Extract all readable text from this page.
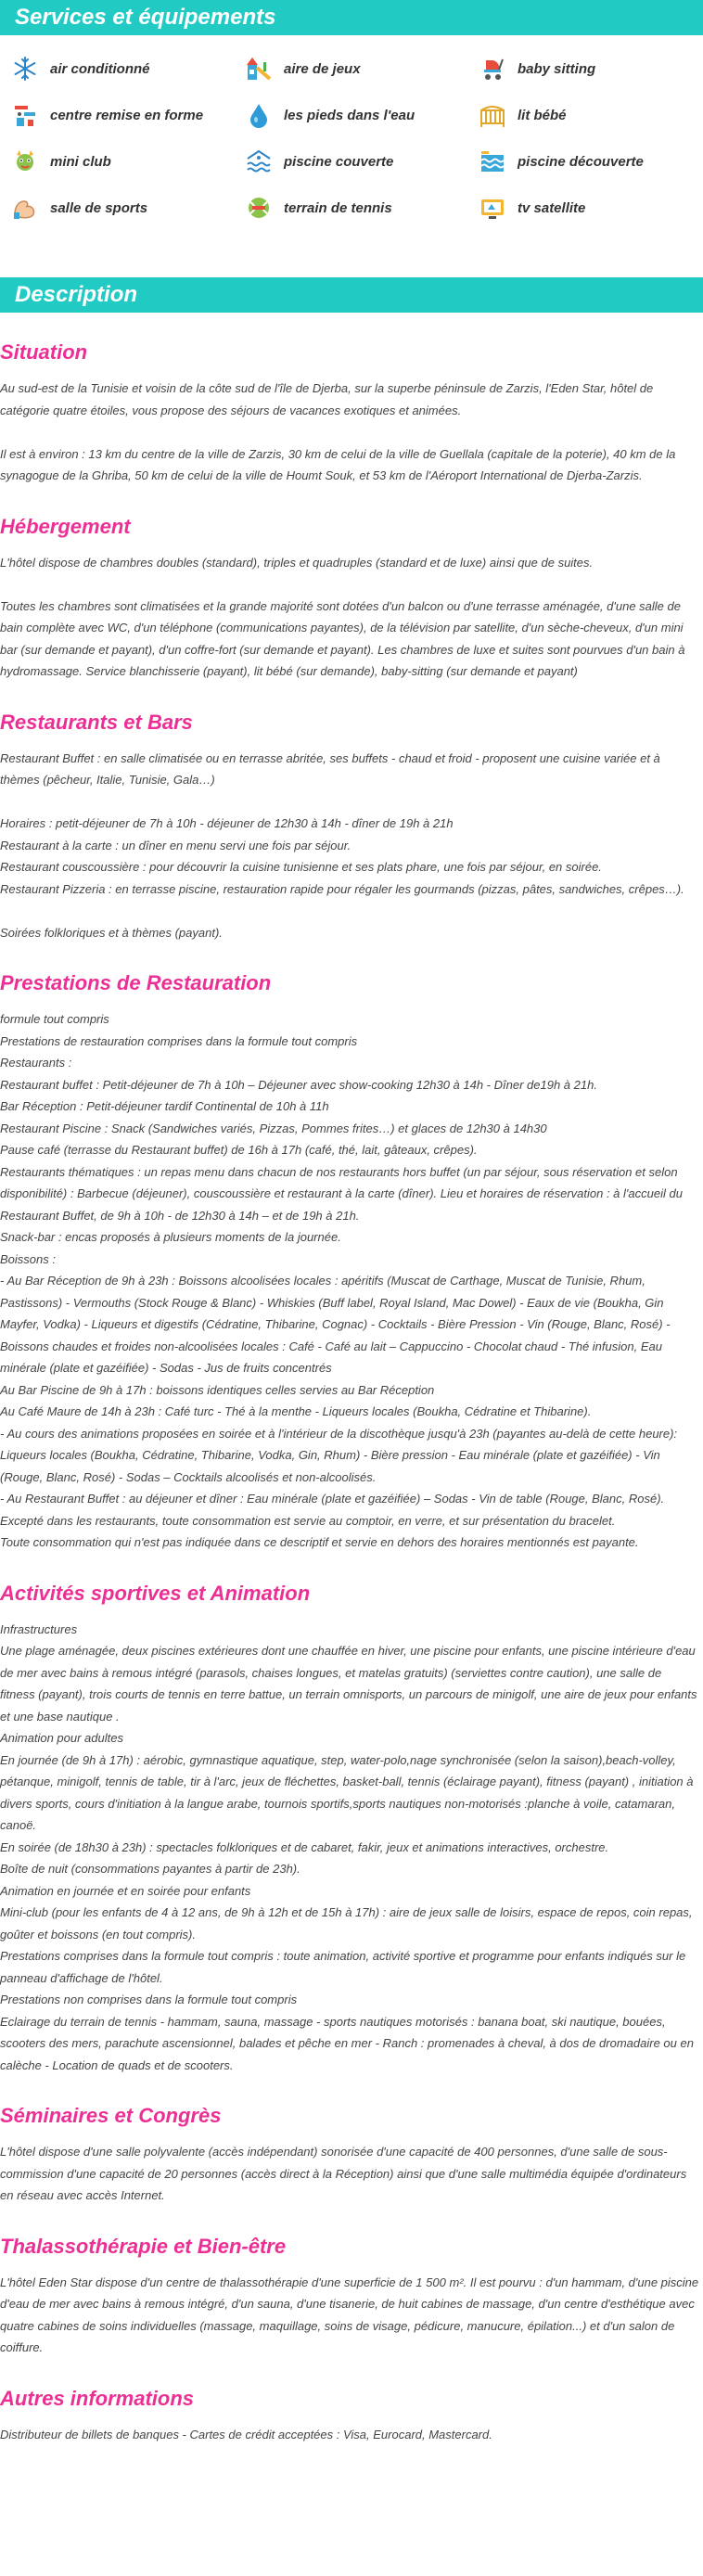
Services et équipements
air conditionné	aire de jeux	baby sitting
centre remise en forme	les pieds dans l'eau	lit bébé
mini club	piscine couverte	piscine découverte
salle de sports	terrain de tennis	tv satellite
Description
Situation

Au sud-est de la Tunisie et voisin de la côte sud de l'île de Djerba, sur la superbe péninsule de Zarzis, l'Eden Star, hôtel de catégorie quatre étoiles, vous propose des séjours de vacances exotiques et animées.

Il est à environ : 13 km du centre de la ville de Zarzis, 30 km de celui de la ville de Guellala (capitale de la poterie), 40 km de la synagogue de la Ghriba, 50 km de celui de la ville de Houmt Souk, et 53 km de l'Aéroport International de Djerba-Zarzis.

Hébergement

L'hôtel dispose de chambres doubles (standard), triples et quadruples (standard et de luxe) ainsi que de suites.

Toutes les chambres sont climatisées et la grande majorité sont dotées d'un balcon ou d'une terrasse aménagée, d'une salle de bain complète avec WC, d'un téléphone (communications payantes), de la télévision par satellite, d'un sèche-cheveux, d'un mini bar (sur demande et payant), d'un coffre-fort (sur demande et payant). Les chambres de luxe et suites sont pourvues d'un bain à hydromassage. Service blanchisserie (payant), lit bébé (sur demande), baby-sitting (sur demande et payant)

Restaurants et Bars

Restaurant Buffet : en salle climatisée ou en terrasse abritée, ses buffets - chaud et froid - proposent une cuisine variée et à thèmes (pêcheur, Italie, Tunisie, Gala…)

Horaires : petit-déjeuner de 7h à 10h - déjeuner de 12h30 à 14h - dîner de 19h à 21h

Restaurant à la carte : un dîner en menu servi une fois par séjour.

Restaurant couscoussière : pour découvrir la cuisine tunisienne et ses plats phare, une fois par séjour, en soirée.

Restaurant Pizzeria : en terrasse piscine, restauration rapide pour régaler les gourmands (pizzas, pâtes, sandwiches, crêpes…).

Soirées folkloriques et à thèmes (payant).

Prestations de Restauration

formule tout compris

Prestations de restauration comprises dans la formule tout compris

Restaurants :

Restaurant buffet : Petit-déjeuner de 7h à 10h – Déjeuner avec show-cooking 12h30 à 14h - Dîner de19h à 21h.

Bar Réception : Petit-déjeuner tardif Continental de 10h à 11h

Restaurant Piscine : Snack (Sandwiches variés, Pizzas, Pommes frites…) et glaces de 12h30 à 14h30

Pause café (terrasse du Restaurant buffet) de 16h à 17h (café, thé, lait, gâteaux, crêpes).

Restaurants thématiques : un repas menu dans chacun de nos restaurants hors buffet (un par séjour, sous réservation et selon disponibilité) : Barbecue (déjeuner), couscoussière et restaurant à la carte (dîner). Lieu et horaires de réservation : à l'accueil du Restaurant Buffet, de 9h à 10h - de 12h30 à 14h – et de 19h à 21h.

Snack-bar : encas proposés à plusieurs moments de la journée.

Boissons :

- Au Bar Réception de 9h à 23h : Boissons alcoolisées locales : apéritifs (Muscat de Carthage, Muscat de Tunisie, Rhum, Pastissons) - Vermouths (Stock Rouge & Blanc) - Whiskies (Buff label, Royal Island, Mac Dowel) - Eaux de vie (Boukha, Gin Mayfer, Vodka) - Liqueurs et digestifs (Cédratine, Thibarine, Cognac) - Cocktails - Bière Pression - Vin (Rouge, Blanc, Rosé) - Boissons chaudes et froides non-alcoolisées locales : Café - Café au lait – Cappuccino - Chocolat chaud - Thé infusion, Eau minérale (plate et gazéifiée) - Sodas - Jus de fruits concentrés

Au Bar Piscine de 9h à 17h : boissons identiques celles servies au Bar Réception

Au Café Maure de 14h à 23h : Café turc - Thé à la menthe - Liqueurs locales (Boukha, Cédratine et Thibarine).

- Au cours des animations proposées en soirée et à l'intérieur de la discothèque jusqu'à 23h (payantes au-delà de cette heure): Liqueurs locales (Boukha, Cédratine, Thibarine, Vodka, Gin, Rhum) - Bière pression - Eau minérale (plate et gazéifiée) - Vin (Rouge, Blanc, Rosé) - Sodas – Cocktails alcoolisés et non-alcoolisés.

- Au Restaurant Buffet : au déjeuner et dîner : Eau minérale (plate et gazéifiée) – Sodas - Vin de table (Rouge, Blanc, Rosé).

Excepté dans les restaurants, toute consommation est servie au comptoir, en verre, et sur présentation du bracelet.

Toute consommation qui n'est pas indiquée dans ce descriptif et servie en dehors des horaires mentionnés est payante.

Activités sportives et Animation

Infrastructures

Une plage aménagée, deux piscines extérieures dont une chauffée en hiver, une piscine pour enfants, une piscine intérieure d'eau de mer avec bains à remous intégré (parasols, chaises longues, et matelas gratuits) (serviettes contre caution), une salle de fitness (payant), trois courts de tennis en terre battue, un terrain omnisports, un parcours de minigolf, une aire de jeux pour enfants et une base nautique .

Animation pour adultes

En journée (de 9h à 17h) : aérobic, gymnastique aquatique, step, water-polo,nage synchronisée (selon la saison),beach-volley, pétanque, minigolf, tennis de table, tir à l'arc, jeux de fléchettes, basket-ball, tennis (éclairage payant), fitness (payant) , initiation à divers sports, cours d'initiation à la langue arabe, tournois sportifs,sports nautiques non-motorisés :planche à voile, catamaran, canoë.

En soirée (de 18h30 à 23h) : spectacles folkloriques et de cabaret, fakir, jeux et animations interactives, orchestre.

Boîte de nuit (consommations payantes à partir de 23h).

Animation en journée et en soirée pour enfants

Mini-club (pour les enfants de 4 à 12 ans, de 9h à 12h et de 15h à 17h) : aire de jeux salle de loisirs, espace de repos, coin repas, goûter et boissons (en tout compris).

Prestations comprises dans la formule tout compris : toute animation, activité sportive et programme pour enfants indiqués sur le panneau d'affichage de l'hôtel.

Prestations non comprises dans la formule tout compris

Eclairage du terrain de tennis - hammam, sauna, massage - sports nautiques motorisés : banana boat, ski nautique, bouées, scooters des mers, parachute ascensionnel, balades et pêche en mer - Ranch : promenades à cheval, à dos de dromadaire ou en calèche - Location de quads et de scooters.

Séminaires et Congrès

L'hôtel dispose d'une salle polyvalente (accès indépendant) sonorisée d'une capacité de 400 personnes, d'une salle de sous-commission d'une capacité de 20 personnes (accès direct à la Réception) ainsi que d'une salle multimédia équipée d'ordinateurs en réseau avec accès Internet.

Thalassothérapie et Bien-être

L'hôtel Eden Star dispose d'un centre de thalassothérapie d'une superficie de 1 500 m². Il est pourvu : d'un hammam, d'une piscine d'eau de mer avec bains à remous intégré, d'un sauna, d'une tisanerie, de huit cabines de massage, d'un centre d'esthétique avec quatre cabines de soins individuelles (massage, maquillage, soins de visage, pédicure, manucure, épilation...) et d'un salon de coiffure.

Autres informations

Distributeur de billets de banques - Cartes de crédit acceptées : Visa, Eurocard, Mastercard.
